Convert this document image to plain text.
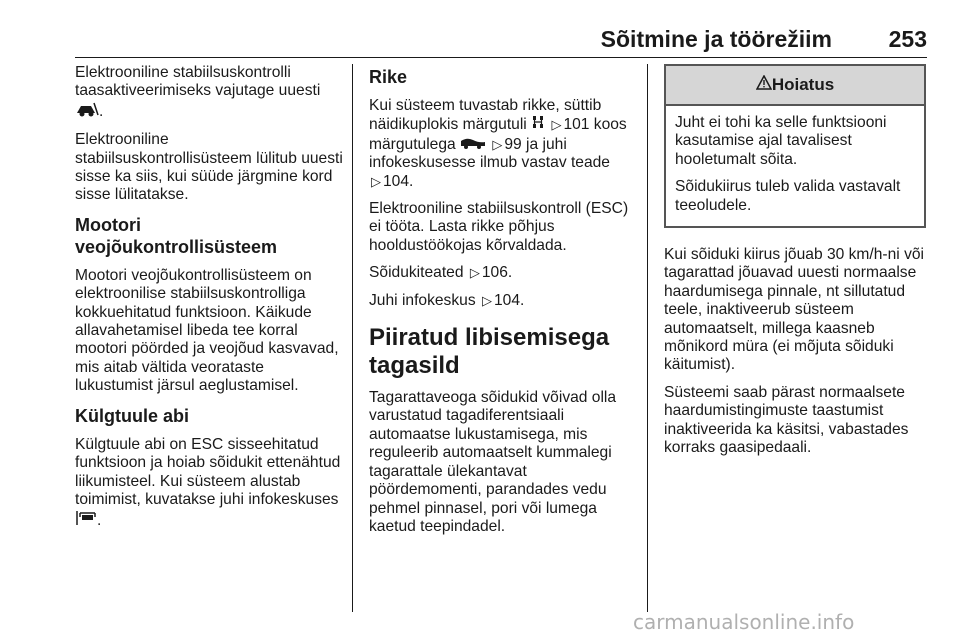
Sõitmine ja töörežiim 253

Elektrooniline stabiilsuskontrolli taasaktiveerimiseks vajutage uuesti
.

Elektrooniline stabiilsuskontrollisüsteem lülitub uuesti sisse ka siis, kui süüde järgmine kord sisse lülitatakse.

Mootori veojõukontrollisüsteem

Mootori veojõukontrollisüsteem on elektroonilise stabiilsuskontrolliga kokkuehitatud funktsioon. Käikude allavahetamisel libeda tee korral mootori pöörded ja veojõud kasvavad, mis aitab vältida veorataste lukustumist järsul aeglustamisel.

Külgtuule abi

Külgtuule abi on ESC sisseehitatud funktsioon ja hoiab sõidukit ettenähtud liikumisteel. Kui süsteem alustab toimimist, kuvatakse juhi infokeskuses .

Rike

Kui süsteem tuvastab rikke, süttib näidikuplokis märgutuli ▷ 101 koos märgutulega	▷ 99 ja juhi infokeskusesse ilmub vastav teade
▷ 104.

Elektrooniline stabiilsuskontroll (ESC) ei tööta. Lasta rikke põhjus hooldustöökojas kõrvaldada.

Sõidukiteated ▷ 106.

Juhi infokeskus ▷ 104.

Piiratud libisemisega tagasild

Tagarattaveoga sõidukid võivad olla varustatud tagadiferentsiaali automaatse lukustamisega, mis reguleerib automaatselt kummalegi tagarattale ülekantavat pöördemomenti, parandades vedu pehmel pinnasel, pori või lumega kaetud teepindadel.

Hoiatus

Juht ei tohi ka selle funktsiooni kasutamise ajal tavalisest hooletumalt sõita.

Sõidukiirus tuleb valida vastavalt teeoludele.

Kui sõiduki kiirus jõuab 30 km/h-ni või tagarattad jõuavad uuesti normaalse haardumisega pinnale, nt sillutatud teele, inaktiveerub süsteem automaatselt, millega kaasneb mõnikord müra (ei mõjuta sõiduki käitumist).

Süsteemi saab pärast normaalsete haardumistingimuste taastumist inaktiveerida ka käsitsi, vabastades korraks gaasipedaali.

carmanualsonline.info
